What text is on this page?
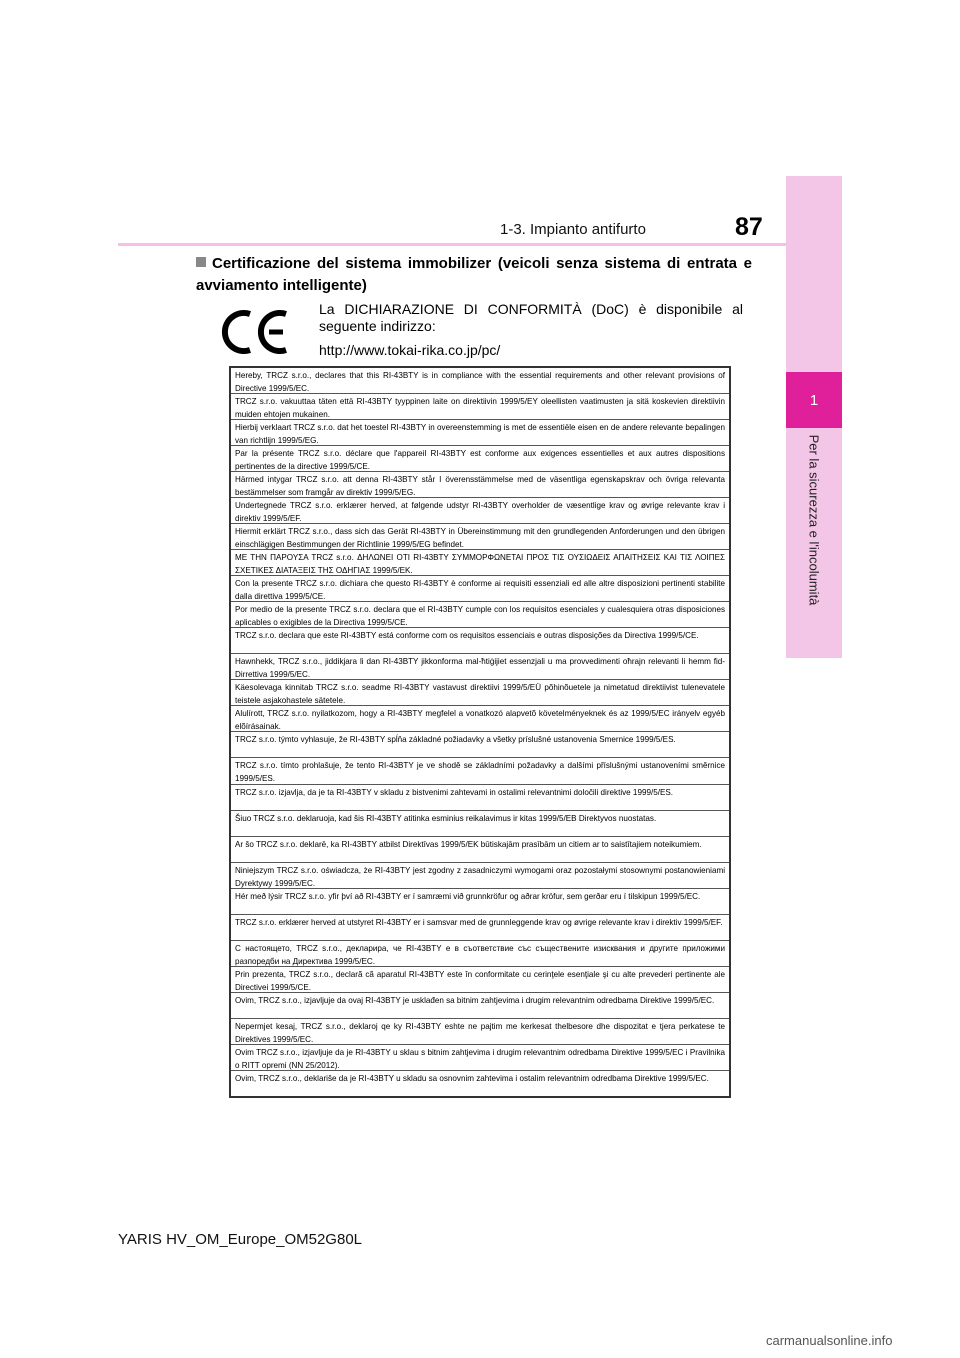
1
Per la sicurezza e l'incolumità
1-3. Impianto antifurto	87
Certificazione del sistema immobilizer (veicoli senza sistema di entrata e avviamento intelligente)
La DICHIARAZIONE DI CONFORMITÀ (DoC) è disponibile al seguente indirizzo:
http://www.tokai-rika.co.jp/pc/
Hereby, TRCZ s.r.o., declares that this RI-43BTY is in compliance with the essential requirements and other relevant provisions of Directive 1999/5/EC.
TRCZ s.r.o. vakuuttaa täten että RI-43BTY tyyppinen laite on direktiivin 1999/5/EY oleellisten vaatimusten ja sitä koskevien direktiivin muiden ehtojen mukainen.
Hierbij verklaart TRCZ s.r.o. dat het toestel RI-43BTY in overeenstemming is met de essentiële eisen en de andere relevante bepalingen van richtlijn 1999/5/EG.
Par la présente TRCZ s.r.o. déclare que l'appareil RI-43BTY est conforme aux exigences essentielles et aux autres dispositions pertinentes de la directive 1999/5/CE.
Härmed intygar TRCZ s.r.o. att denna RI-43BTY står I överensstämmelse med de väsentliga egenskapskrav och övriga relevanta bestämmelser som framgår av direktiv 1999/5/EG.
Undertegnede TRCZ s.r.o. erklærer herved, at følgende udstyr RI-43BTY overholder de væsentlige krav og øvrige relevante krav i direktiv 1999/5/EF.
Hiermit erklärt TRCZ s.r.o., dass sich das Gerät RI-43BTY in Übereinstimmung mit den grundlegenden Anforderungen und den übrigen einschlägigen Bestimmungen der Richtlinie 1999/5/EG befindet.
ΜΕ ΤΗΝ ΠΑΡΟΥΣΑ TRCZ s.r.o. ΔΗΛΩΝΕΙ ΟΤΙ RI-43BTY ΣΥΜΜΟΡΦΩΝΕΤΑΙ ΠΡΟΣ ΤΙΣ ΟΥΣΙΩΔΕΙΣ ΑΠΑΙΤΗΣΕΙΣ ΚΑΙ ΤΙΣ ΛΟΙΠΕΣ ΣΧΕΤΙΚΕΣ ΔΙΑΤΑΞΕΙΣ ΤΗΣ ΟΔΗΓΙΑΣ 1999/5/ΕΚ.
Con la presente TRCZ s.r.o. dichiara che questo RI-43BTY è conforme ai requisiti essenziali ed alle altre disposizioni pertinenti stabilite dalla direttiva 1999/5/CE.
Por medio de la presente TRCZ s.r.o. declara que el RI-43BTY cumple con los requisitos esenciales y cualesquiera otras disposiciones aplicables o exigibles de la Directiva 1999/5/CE.
TRCZ s.r.o. declara que este RI-43BTY está conforme com os requisitos essenciais e outras disposições da Directiva 1999/5/CE.
Hawnhekk, TRCZ s.r.o., jiddikjara li dan RI-43BTY jikkonforma mal-ħtiġijiet essenzjali u ma provvedimenti oħrajn relevanti li hemm fid-Dirrettiva 1999/5/EC.
Käesolevaga kinnitab TRCZ s.r.o. seadme RI-43BTY vastavust direktiivi 1999/5/EÜ põhinõuetele ja nimetatud direktiivist tulenevatele teistele asjakohastele sätetele.
Alulírott, TRCZ s.r.o. nyilatkozom, hogy a RI-43BTY megfelel a vonatkozó alapvetõ követelményeknek és az 1999/5/EC irányelv egyéb elõírásainak.
TRCZ s.r.o. týmto vyhlasuje, že RI-43BTY spĺňa základné požiadavky a všetky príslušné ustanovenia Smernice 1999/5/ES.
TRCZ s.r.o. tímto prohlašuje, že tento RI-43BTY je ve shodě se základními požadavky a dalšími příslušnými ustanoveními směrnice 1999/5/ES.
TRCZ s.r.o. izjavlja, da je ta RI-43BTY v skladu z bistvenimi zahtevami in ostalimi relevantnimi določili direktive 1999/5/ES.
Šiuo TRCZ s.r.o. deklaruoja, kad šis RI-43BTY atitinka esminius reikalavimus ir kitas 1999/5/EB Direktyvos nuostatas.
Ar šo TRCZ s.r.o. deklarē, ka RI-43BTY atbilst Direktīvas 1999/5/EK būtiskajām prasībām un citiem ar to saistītajiem noteikumiem.
Niniejszym TRCZ s.r.o. oświadcza, że RI-43BTY jest zgodny z zasadniczymi wymogami oraz pozostałymi stosownymi postanowieniami Dyrektywy 1999/5/EC.
Hér með lýsir TRCZ s.r.o. yfir því að RI-43BTY er í samræmi við grunnkröfur og aðrar kröfur, sem gerðar eru í tilskipun 1999/5/EC.
TRCZ s.r.o. erklærer herved at utstyret RI-43BTY er i samsvar med de grunnleggende krav og øvrige relevante krav i direktiv 1999/5/EF.
С настоящето, TRCZ s.r.o., декларира, че RI-43BTY е в съответствие със съществените изисквания и другите приложими разпоредби на Директива 1999/5/ЕС.
Prin prezenta, TRCZ s.r.o., declarã cã aparatul RI-43BTY este în conformitate cu cerinţele esenţiale şi cu alte prevederi pertinente ale Directivei 1999/5/CE.
Ovim, TRCZ s.r.o., izjavljuje da ovaj RI-43BTY je usklađen sa bitnim zahtjevima i drugim relevantnim odredbama Direktive 1999/5/EC.
Nepermjet kesaj, TRCZ s.r.o., deklaroj qe ky RI-43BTY eshte ne pajtim me kerkesat thelbesore dhe dispozitat e tjera perkatese te Direktives 1999/5/EC.
Ovim TRCZ s.r.o., izjavljuje da je RI-43BTY u sklau s bitnim zahtjevima i drugim relevantnim odredbama Direktive 1999/5/EC i Pravilnika o RITT opremi (NN 25/2012).
Ovim, TRCZ s.r.o., deklariše da je RI-43BTY u skladu sa osnovnim zahtevima i ostalim relevantnim odredbama Direktive 1999/5/EC.
YARIS HV_OM_Europe_OM52G80L
carmanualsonline.info
